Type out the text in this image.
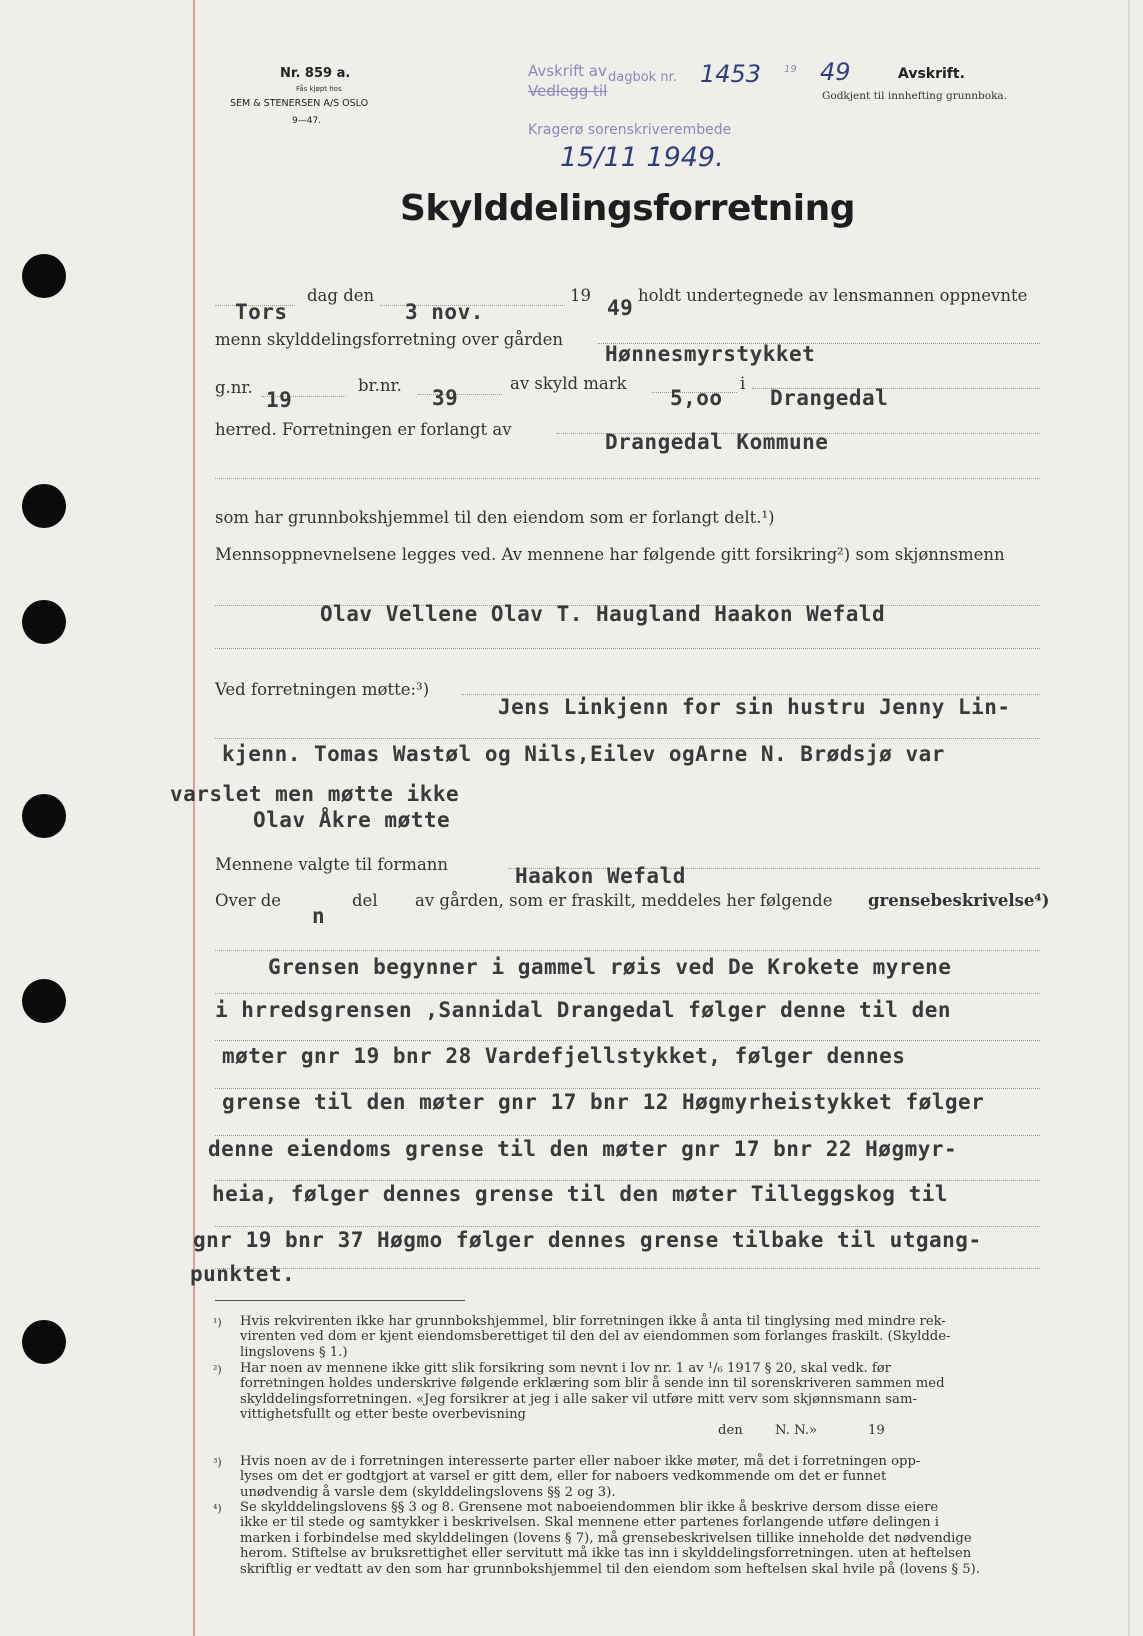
Nr. 859 a.
Fås kjøpt hos
SEM & STENERSEN A/S OSLO
9—47.
Avskrift av
Vedlegg til
dagbok nr. 1453 19 49
Kragerø sorenskriverembede
15/11 1949.
Avskrift.
Godkjent til innhefting grunnboka.
Skylddelingsforretning
dag den	19	holdt undertegnede av lensmannen oppnevnte
Tors	3 nov.	49
menn skylddelingsforretning over gården
Hønnesmyrstykket
g.nr.	br.nr.	av skyld mark	i
19	39	5,oo Drangedal
herred. Forretningen er forlangt av
Drangedal Kommune
som har grunnbokshjemmel til den eiendom som er forlangt delt.¹)
Mennsoppnevnelsene legges ved. Av mennene har følgende gitt forsikring²) som skjønnsmenn
Olav Vellene Olav T. Haugland Haakon Wefald
Ved forretningen møtte:³)
Jens Linkjenn for sin hustru Jenny Lin-
kjenn. Tomas Wastøl og Nils,Eilev ogArne N. Brødsjø var
varslet men møtte ikke
Olav Åkre møtte
Mennene valgte til formann	Haakon Wefald
Over de
n
del av gården, som er fraskilt, meddeles her følgende grensebeskrivelse⁴)
Grensen begynner i gammel røis ved De Krokete myrene
i hrredsgrensen ,Sannidal Drangedal følger denne til den
møter gnr 19 bnr 28 Vardefjellstykket, følger dennes
grense til den møter gnr 17 bnr 12 Høgmyrheistykket følger
denne eiendoms grense til den møter gnr 17 bnr 22 Høgmyr-
heia, følger dennes grense til den møter Tilleggskog til
gnr 19 bnr 37 Høgmo følger dennes grense tilbake til utgang-
punktet.
¹) Hvis rekvirenten ikke har grunnbokshjemmel, blir forretningen ikke å anta til tinglysing med mindre rek-
virenten ved dom er kjent eiendomsberettiget til den del av eiendommen som forlanges fraskilt. (Skyldde-
lingslovens § 1.)
²) Har noen av mennene ikke gitt slik forsikring som nevnt i lov nr. 1 av ¹/₆ 1917 § 20, skal vedk. før
forretningen holdes underskrive følgende erklæring som blir å sende inn til sorenskriveren sammen med
skylddelingsforretningen. «Jeg forsikrer at jeg i alle saker vil utføre mitt verv som skjønnsmann sam-
vittighetsfullt og etter beste overbevisning
den	19
N. N.»
³) Hvis noen av de i forretningen interesserte parter eller naboer ikke møter, må det i forretningen opp-
lyses om det er godtgjort at varsel er gitt dem, eller for naboers vedkommende om det er funnet
unødvendig å varsle dem (skylddelingslovens §§ 2 og 3).
⁴) Se skylddelingslovens §§ 3 og 8. Grensene mot naboeiendommen blir ikke å beskrive dersom disse eiere
ikke er til stede og samtykker i beskrivelsen. Skal mennene etter partenes forlangende utføre delingen i
marken i forbindelse med skylddelingen (lovens § 7), må grensebeskrivelsen tillike inneholde det nødvendige
herom. Stiftelse av bruksrettighet eller servitutt må ikke tas inn i skylddelingsforretningen. uten at heftelsen
skriftlig er vedtatt av den som har grunnbokshjemmel til den eiendom som heftelsen skal hvile på (lovens § 5).
